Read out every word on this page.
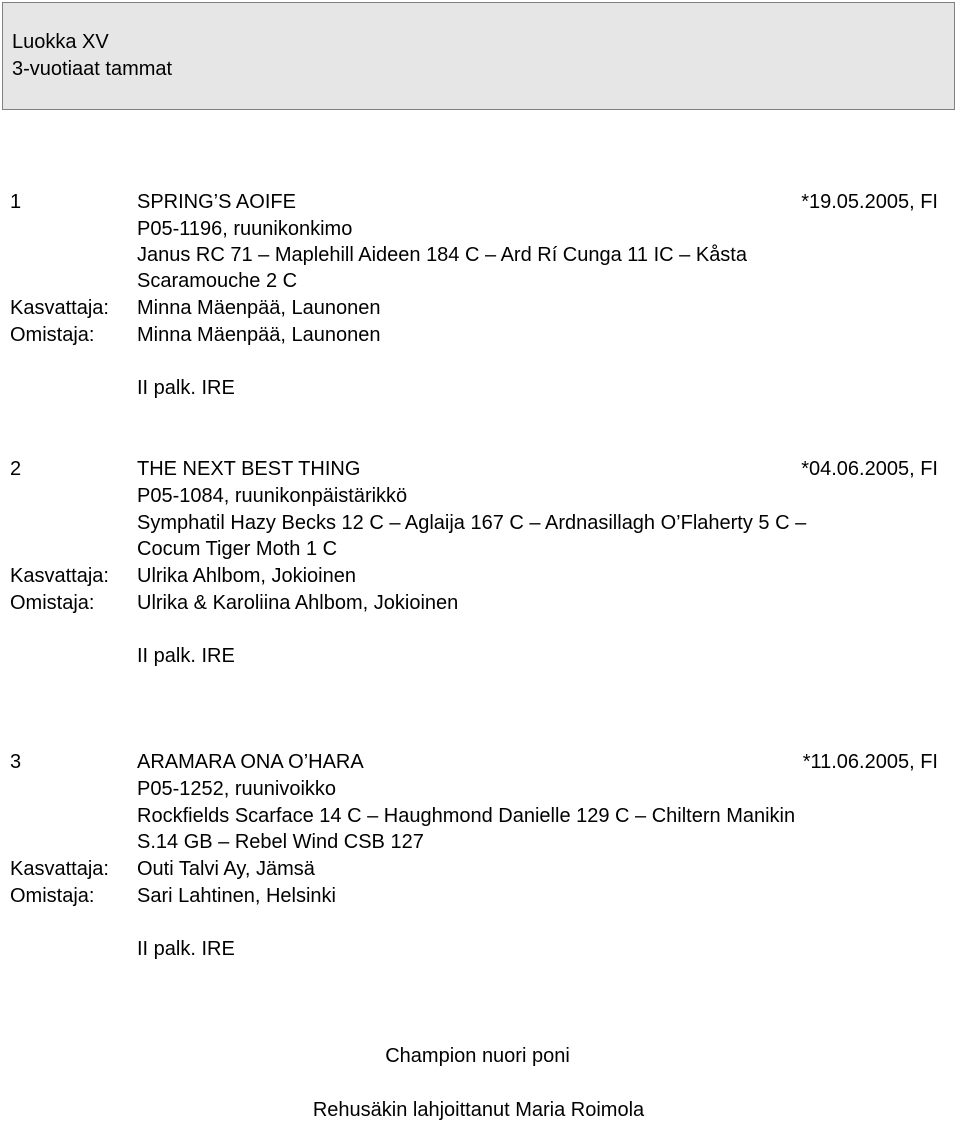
Luokka XV
3-vuotiaat tammat
1	SPRING’S AOIFE	*19.05.2005, FI
P05-1196, ruunikonkimo
Janus RC 71 – Maplehill Aideen 184 C – Ard Rí Cunga 11 IC – Kåsta
Scaramouche 2 C
Kasvattaja: Minna Mäenpää, Launonen
Omistaja: Minna Mäenpää, Launonen
II palk. IRE
2	THE NEXT BEST THING	*04.06.2005, FI
P05-1084, ruunikonpäistärikkö
Symphatil Hazy Becks 12 C – Aglaija 167 C – Ardnasillagh O’Flaherty 5 C –
Cocum Tiger Moth 1 C
Kasvattaja: Ulrika Ahlbom, Jokioinen
Omistaja: Ulrika & Karoliina Ahlbom, Jokioinen
II palk. IRE
3	ARAMARA ONA O’HARA	*11.06.2005, FI
P05-1252, ruunivoikko
Rockfields Scarface 14 C – Haughmond Danielle 129 C – Chiltern Manikin
S.14 GB – Rebel Wind CSB 127
Kasvattaja: Outi Talvi Ay, Jämsä
Omistaja: Sari Lahtinen, Helsinki
II palk. IRE
Champion nuori poni
Rehusäkin lahjoittanut Maria Roimola
